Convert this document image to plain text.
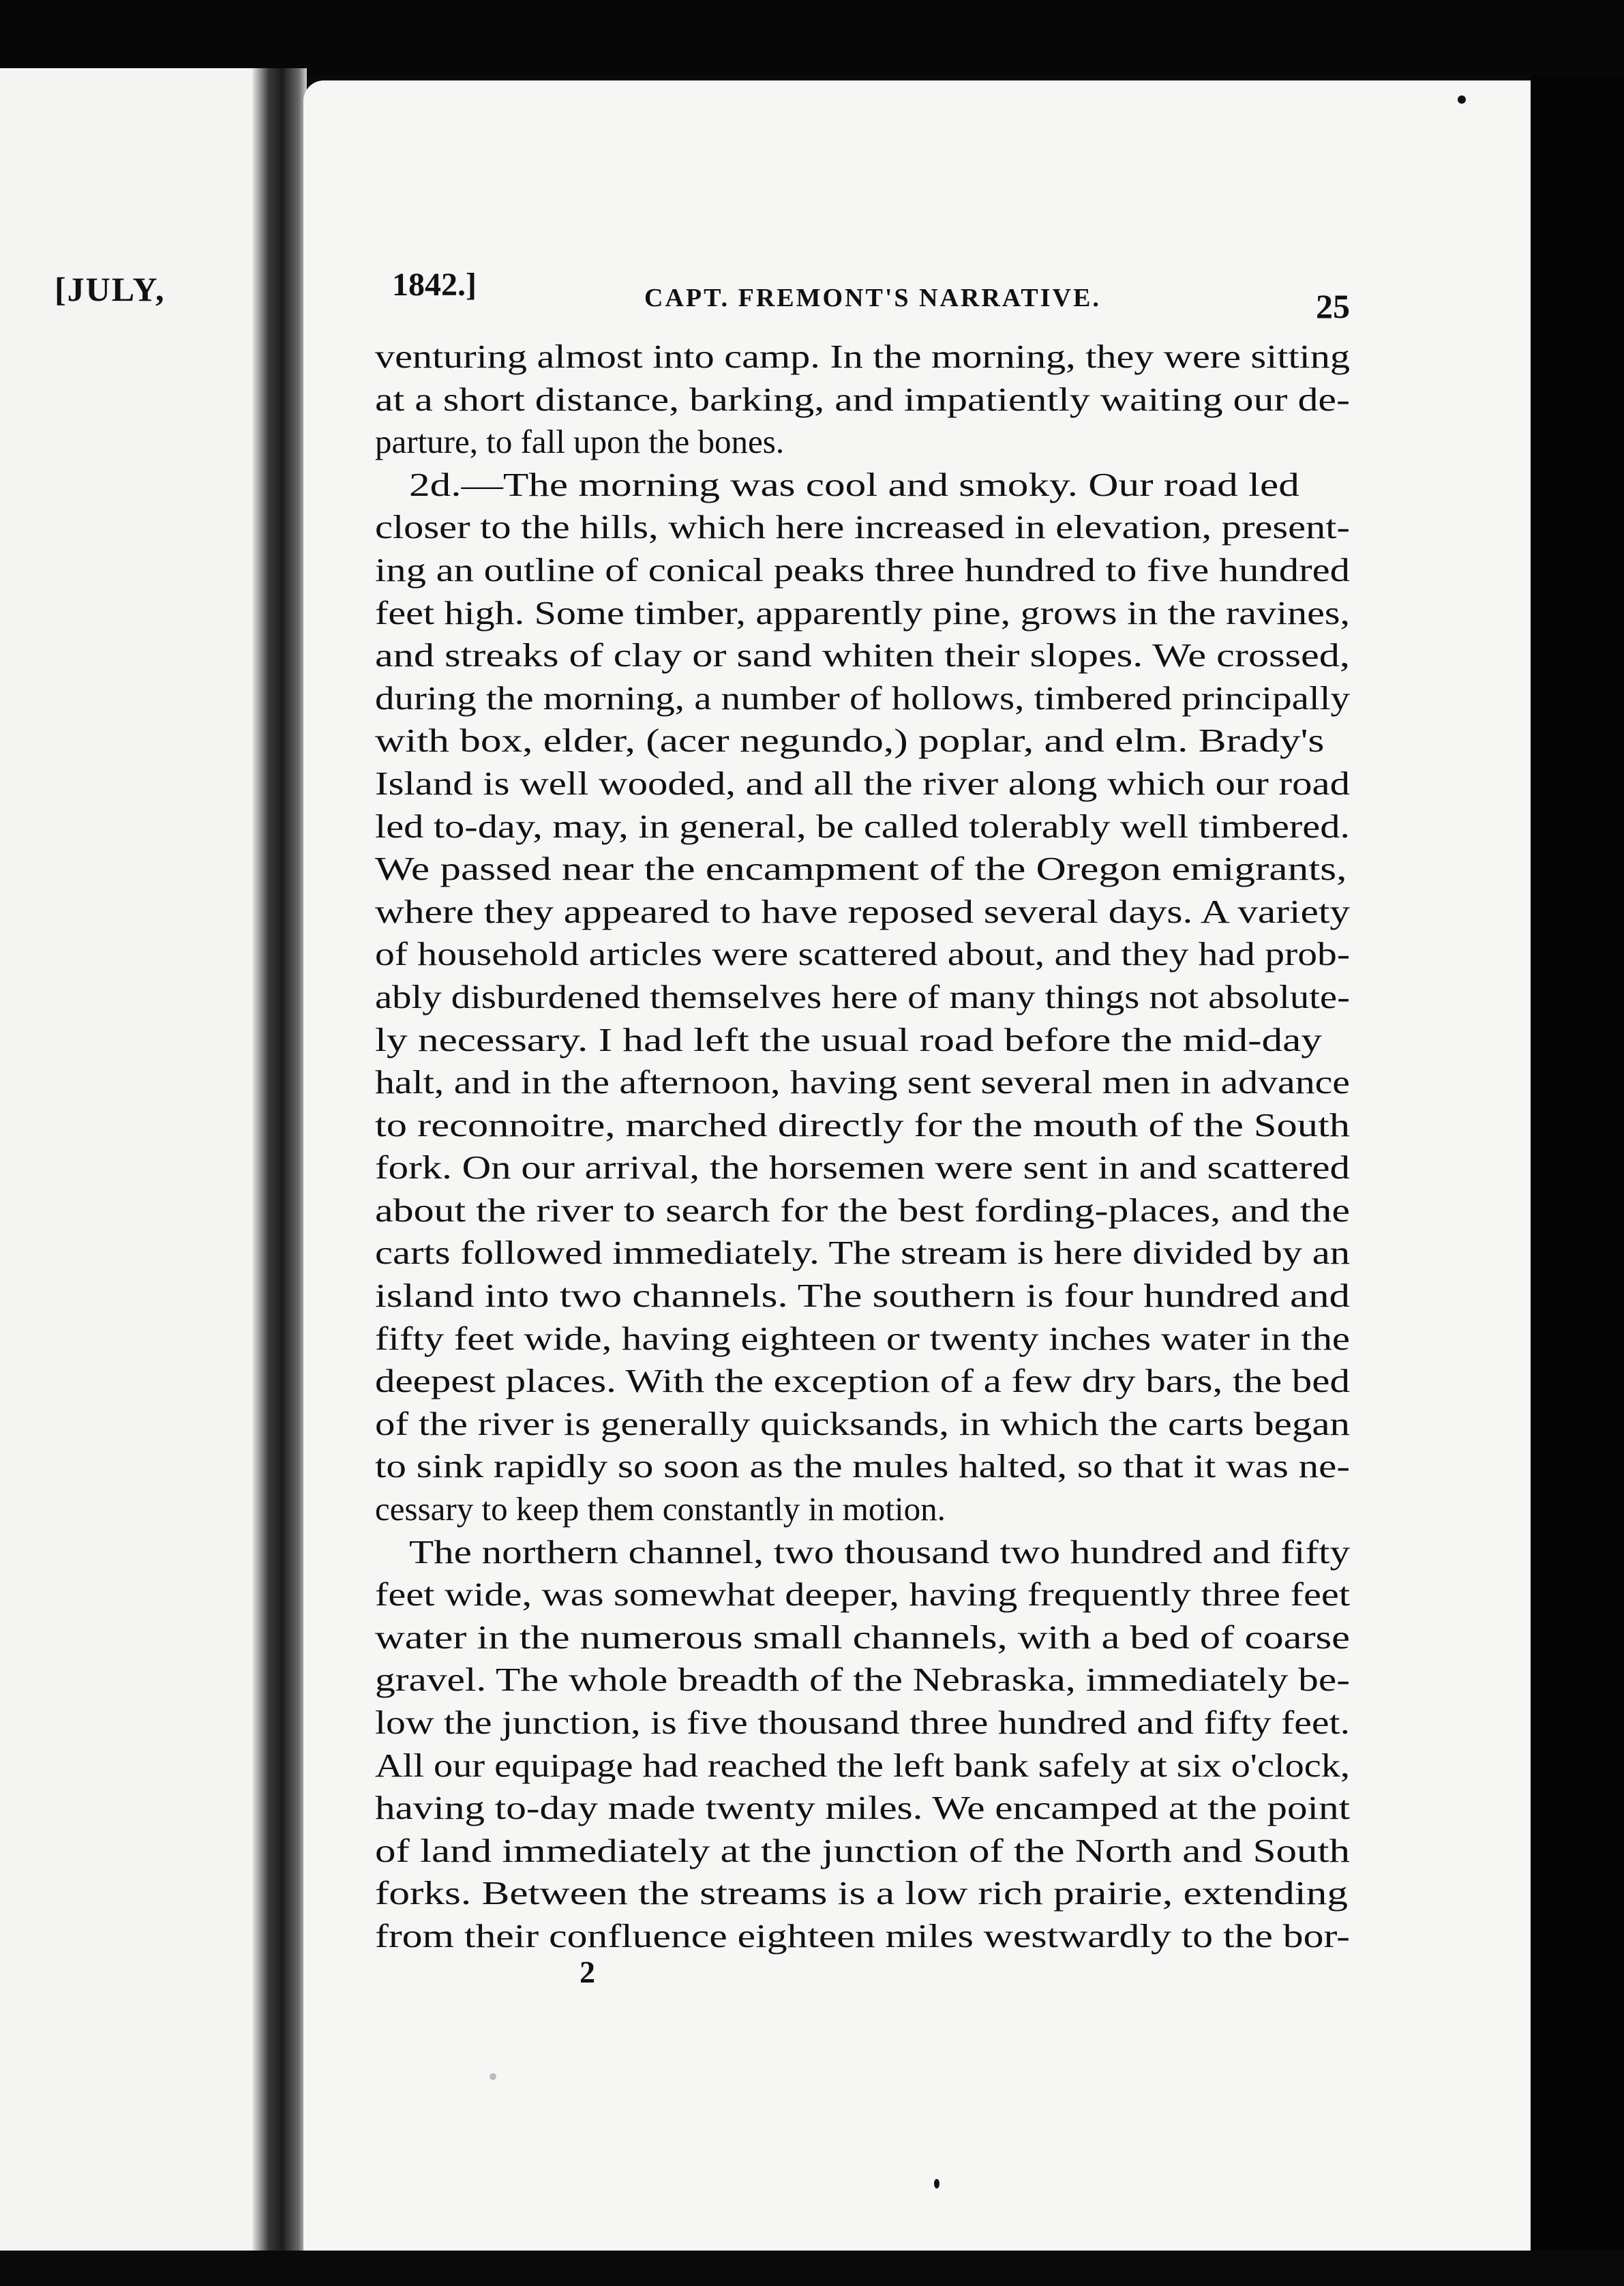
[JULY,	1842.]	CAPT. FREMONT'S NARRATIVE.	25
venturing almost into camp. In the morning, they were sitting
at a short distance, barking, and impatiently waiting our de-
parture, to fall upon the bones.
2d.—The morning was cool and smoky. Our road led
closer to the hills, which here increased in elevation, present-
ing an outline of conical peaks three hundred to five hundred
feet high. Some timber, apparently pine, grows in the ravines,
and streaks of clay or sand whiten their slopes. We crossed,
during the morning, a number of hollows, timbered principally
with box, elder, (acer negundo,) poplar, and elm. Brady's
Island is well wooded, and all the river along which our road
led to-day, may, in general, be called tolerably well timbered.
We passed near the encampment of the Oregon emigrants,
where they appeared to have reposed several days. A variety
of household articles were scattered about, and they had prob-
ably disburdened themselves here of many things not absolute-
ly necessary. I had left the usual road before the mid-day
halt, and in the afternoon, having sent several men in advance
to reconnoitre, marched directly for the mouth of the South
fork. On our arrival, the horsemen were sent in and scattered
about the river to search for the best fording-places, and the
carts followed immediately. The stream is here divided by an
island into two channels. The southern is four hundred and
fifty feet wide, having eighteen or twenty inches water in the
deepest places. With the exception of a few dry bars, the bed
of the river is generally quicksands, in which the carts began
to sink rapidly so soon as the mules halted, so that it was ne-
cessary to keep them constantly in motion.
The northern channel, two thousand two hundred and fifty
feet wide, was somewhat deeper, having frequently three feet
water in the numerous small channels, with a bed of coarse
gravel. The whole breadth of the Nebraska, immediately be-
low the junction, is five thousand three hundred and fifty feet.
All our equipage had reached the left bank safely at six o'clock,
having to-day made twenty miles. We encamped at the point
of land immediately at the junction of the North and South
forks. Between the streams is a low rich prairie, extending
from their confluence eighteen miles westwardly to the bor-
2
